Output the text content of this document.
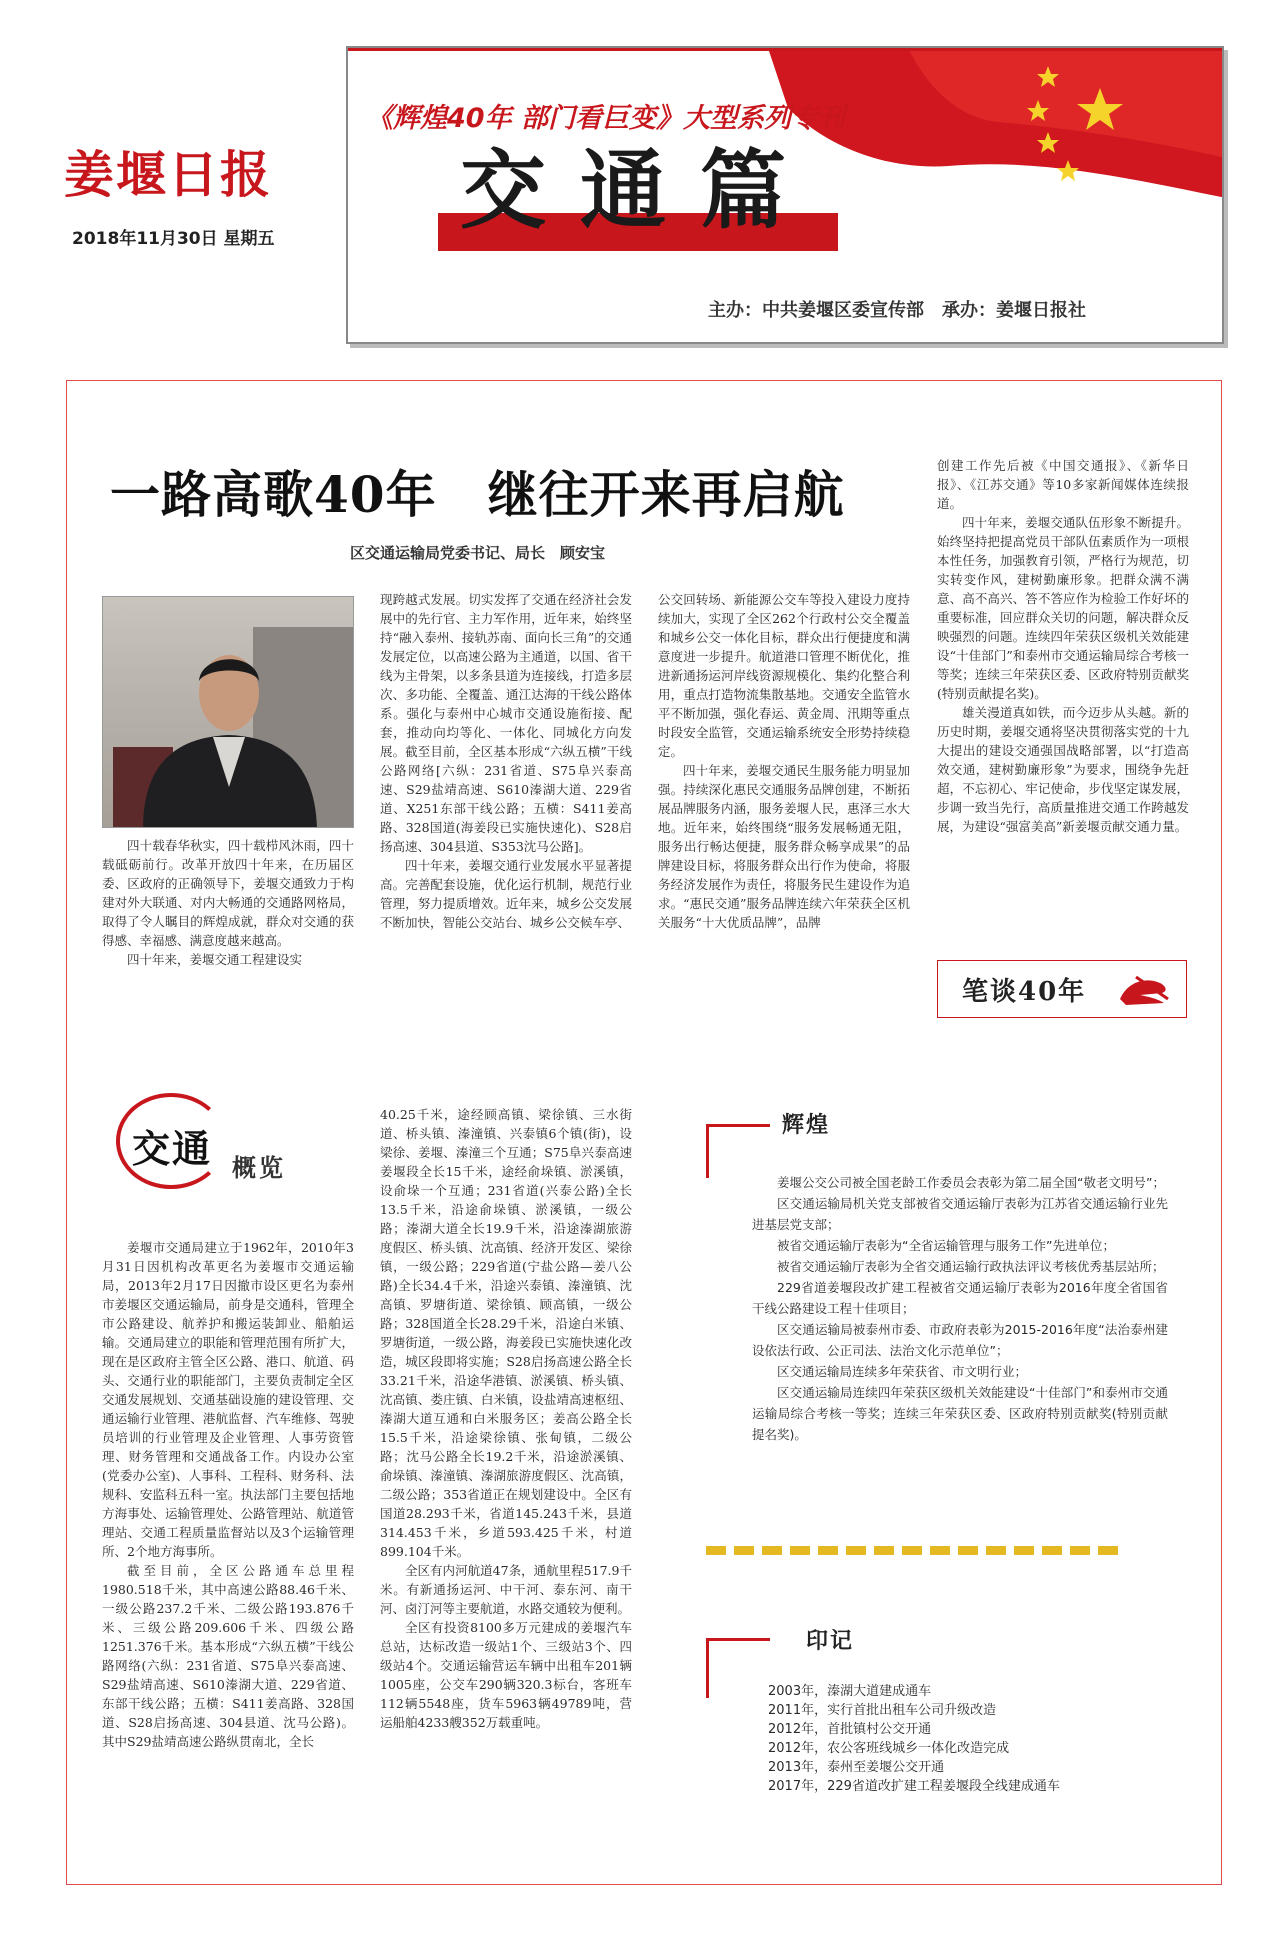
姜堰日报
2018年11月30日 星期五
《辉煌40年 部门看巨变》大型系列专刊
交通篇
主办：中共姜堰区委宣传部　承办：姜堰日报社
一路高歌40年　继往开来再启航
区交通运输局党委书记、局长　顾安宝

四十载春华秋实，四十载栉风沐雨，四十载砥砺前行。改革开放四十年来，在历届区委、区政府的正确领导下，姜堰交通致力于构建对外大联通、对内大畅通的交通路网格局，取得了令人瞩目的辉煌成就，群众对交通的获得感、幸福感、满意度越来越高。

四十年来，姜堰交通工程建设实

现跨越式发展。切实发挥了交通在经济社会发展中的先行官、主力军作用，近年来，始终坚持“融入泰州、接轨苏南、面向长三角”的交通发展定位，以高速公路为主通道，以国、省干线为主骨架，以多条县道为连接线，打造多层次、多功能、全覆盖、通江达海的干线公路体系。强化与泰州中心城市交通设施衔接、配套，推动向均等化、一体化、同城化方向发展。截至目前，全区基本形成“六纵五横”干线公路网络[六纵：231省道、S75阜兴泰高速、S29盐靖高速、S610溱湖大道、229省道、X251东部干线公路；五横：S411姜高路、328国道(海姜段已实施快速化)、S28启扬高速、304县道、S353沈马公路]。

四十年来，姜堰交通行业发展水平显著提高。完善配套设施，优化运行机制，规范行业管理，努力提质增效。近年来，城乡公交发展不断加快，智能公交站台、城乡公交候车亭、

公交回转场、新能源公交车等投入建设力度持续加大，实现了全区262个行政村公交全覆盖和城乡公交一体化目标，群众出行便捷度和满意度进一步提升。航道港口管理不断优化，推进新通扬运河岸线资源规模化、集约化整合利用，重点打造物流集散基地。交通安全监管水平不断加强，强化春运、黄金周、汛期等重点时段安全监管，交通运输系统安全形势持续稳定。

四十年来，姜堰交通民生服务能力明显加强。持续深化惠民交通服务品牌创建，不断拓展品牌服务内涵，服务姜堰人民，惠泽三水大地。近年来，始终围绕“服务发展畅通无阻，服务出行畅达便捷，服务群众畅享成果”的品牌建设目标，将服务群众出行作为使命，将服务经济发展作为责任，将服务民生建设作为追求。“惠民交通”服务品牌连续六年荣获全区机关服务“十大优质品牌”，品牌

创建工作先后被《中国交通报》、《新华日报》、《江苏交通》等10多家新闻媒体连续报道。

四十年来，姜堰交通队伍形象不断提升。始终坚持把提高党员干部队伍素质作为一项根本性任务，加强教育引领，严格行为规范，切实转变作风，建树勤廉形象。把群众满不满意、高不高兴、答不答应作为检验工作好坏的重要标准，回应群众关切的问题，解决群众反映强烈的问题。连续四年荣获区级机关效能建设“十佳部门”和泰州市交通运输局综合考核一等奖；连续三年荣获区委、区政府特别贡献奖(特别贡献提名奖)。

雄关漫道真如铁，而今迈步从头越。新的历史时期，姜堰交通将坚决贯彻落实党的十九大提出的建设交通强国战略部署，以“打造高效交通，建树勤廉形象”为要求，围绕争先赶超，不忘初心、牢记使命，步伐坚定谋发展，步调一致当先行，高质量推进交通工作跨越发展，为建设“强富美高”新姜堰贡献交通力量。

笔谈40年
交通 概览

姜堰市交通局建立于1962年，2010年3月31日因机构改革更名为姜堰市交通运输局，2013年2月17日因撤市设区更名为泰州市姜堰区交通运输局，前身是交通科，管理全市公路建设、航养护和搬运装卸业、船舶运输。交通局建立的职能和管理范围有所扩大，现在是区政府主管全区公路、港口、航道、码头、交通行业的职能部门，主要负责制定全区交通发展规划、交通基础设施的建设管理、交通运输行业管理、港航监督、汽车维修、驾驶员培训的行业管理及企业管理、人事劳资管理、财务管理和交通战备工作。内设办公室(党委办公室)、人事科、工程科、财务科、法规科、安监科五科一室。执法部门主要包括地方海事处、运输管理处、公路管理站、航道管理站、交通工程质量监督站以及3个运输管理所、2个地方海事所。

截至目前，全区公路通车总里程1980.518千米，其中高速公路88.46千米、一级公路237.2千米、二级公路193.876千米、三级公路209.606千米、四级公路1251.376千米。基本形成“六纵五横”干线公路网络(六纵：231省道、S75阜兴泰高速、S29盐靖高速、S610溱湖大道、229省道、东部干线公路；五横：S411姜高路、328国道、S28启扬高速、304县道、沈马公路)。其中S29盐靖高速公路纵贯南北，全长

40.25千米，途经顾高镇、梁徐镇、三水街道、桥头镇、溱潼镇、兴泰镇6个镇(街)，设梁徐、姜堰、溱潼三个互通；S75阜兴泰高速姜堰段全长15千米，途经俞垛镇、淤溪镇，设俞垛一个互通；231省道(兴泰公路)全长13.5千米，沿途俞垛镇、淤溪镇，一级公路；溱湖大道全长19.9千米，沿途溱湖旅游度假区、桥头镇、沈高镇、经济开发区、梁徐镇，一级公路；229省道(宁盐公路—姜八公路)全长34.4千米，沿途兴泰镇、溱潼镇、沈高镇、罗塘街道、梁徐镇、顾高镇，一级公路；328国道全长28.29千米，沿途白米镇、罗塘街道，一级公路，海姜段已实施快速化改造，城区段即将实施；S28启扬高速公路全长33.21千米，沿途华港镇、淤溪镇、桥头镇、沈高镇、娄庄镇、白米镇，设盐靖高速枢纽、溱湖大道互通和白米服务区；姜高公路全长15.5千米，沿途梁徐镇、张甸镇，二级公路；沈马公路全长19.2千米，沿途淤溪镇、俞垛镇、溱潼镇、溱湖旅游度假区、沈高镇，二级公路；353省道正在规划建设中。全区有国道28.293千米，省道145.243千米，县道314.453千米，乡道593.425千米，村道899.104千米。

全区有内河航道47条，通航里程517.9千米。有新通扬运河、中干河、泰东河、南干河、卤汀河等主要航道，水路交通较为便利。

全区有投资8100多万元建成的姜堰汽车总站，达标改造一级站1个、三级站3个、四级站4个。交通运输营运车辆中出租车201辆1005座，公交车290辆320.3标台，客班车112辆5548座，货车5963辆49789吨，营运船舶4233艘352万载重吨。

辉煌

姜堰公交公司被全国老龄工作委员会表彰为第二届全国“敬老文明号”；

区交通运输局机关党支部被省交通运输厅表彰为江苏省交通运输行业先进基层党支部；

被省交通运输厅表彰为“全省运输管理与服务工作”先进单位；

被省交通运输厅表彰为全省交通运输行政执法评议考核优秀基层站所；

229省道姜堰段改扩建工程被省交通运输厅表彰为2016年度全省国省干线公路建设工程十佳项目；

区交通运输局被泰州市委、市政府表彰为2015-2016年度“法治泰州建设依法行政、公正司法、法治文化示范单位”；

区交通运输局连续多年荣获省、市文明行业；

区交通运输局连续四年荣获区级机关效能建设“十佳部门”和泰州市交通运输局综合考核一等奖；连续三年荣获区委、区政府特别贡献奖(特别贡献提名奖)。

印记
2003年，溱湖大道建成通车
2011年，实行首批出租车公司升级改造
2012年，首批镇村公交开通
2012年，农公客班线城乡一体化改造完成
2013年，泰州至姜堰公交开通
2017年，229省道改扩建工程姜堰段全线建成通车
